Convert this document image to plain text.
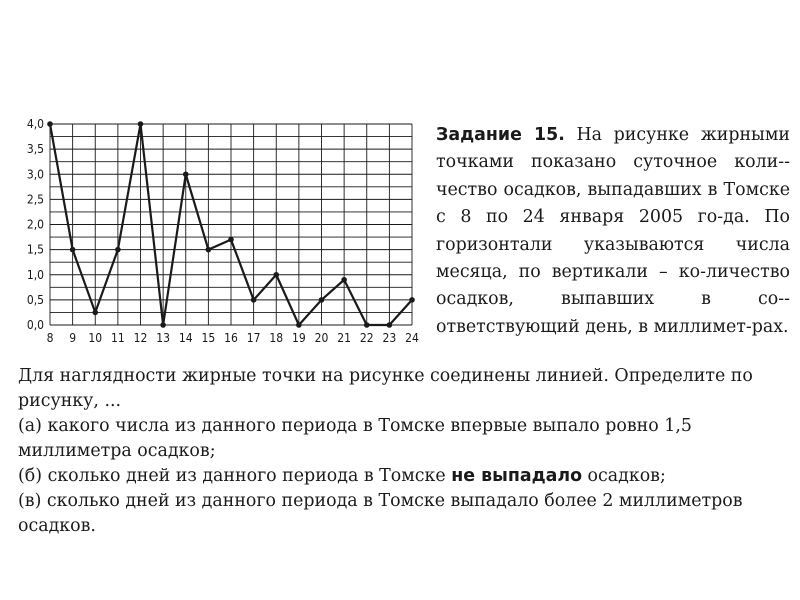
0,0
0,5
1,0
1,5
2,0
2,5
3,0
3,5
4,0
8 9 10 11 12 13 14 15 16 17 18 19 20 21 22 23 24
Задание 15. На рисунке жирными точками показано суточное коли-чество осадков, выпадавших в Томске с 8 по 24 января 2005 го-да. По горизонтали указываются числа месяца, по вертикали – ко-личество осадков, выпавших в со-ответствующий день, в миллимет-рах.

Для наглядности жирные точки на рисунке соединены линией. Определите по рисунку, ...

(а) какого числа из данного периода в Томске впервые выпало ровно 1,5 миллиметра осадков;

(б) сколько дней из данного периода в Томске не выпадало осадков;

(в) сколько дней из данного периода в Томске выпадало более 2 миллиметров осадков.
